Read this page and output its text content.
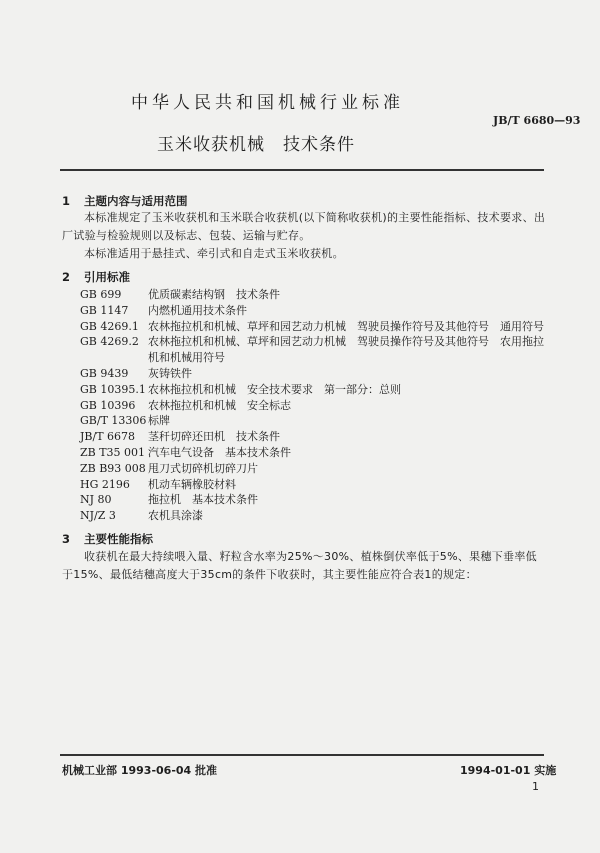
中华人民共和国机械行业标准
JB/T 6680—93
玉米收获机械　技术条件
1 主题内容与适用范围
本标准规定了玉米收获机和玉米联合收获机(以下简称收获机)的主要性能指标、技术要求、出厂试验与检验规则以及标志、包装、运输与贮存。
本标准适用于悬挂式、牵引式和自走式玉米收获机。
2 引用标准
GB 699 优质碳素结构钢　技术条件
GB 1147 内燃机通用技术条件
GB 4269.1 农林拖拉机和机械、草坪和园艺动力机械　驾驶员操作符号及其他符号　通用符号
GB 4269.2 农林拖拉机和机械、草坪和园艺动力机械　驾驶员操作符号及其他符号　农用拖拉机和机械用符号
GB 9439 灰铸铁件
GB 10395.1 农林拖拉机和机械　安全技术要求　第一部分：总则
GB 10396 农林拖拉机和机械　安全标志
GB/T 13306 标牌
JB/T 6678 茎秆切碎还田机　技术条件
ZB T35 001 汽车电气设备　基本技术条件
ZB B93 008 甩刀式切碎机切碎刀片
HG 2196 机动车辆橡胶材料
NJ 80	拖拉机　基本技术条件
NJ/Z 3	农机具涂漆
3 主要性能指标
收获机在最大持续喂入量、籽粒含水率为25%～30%、植株倒伏率低于5%、果穗下垂率低于15%、最低结穗高度大于35cm的条件下收获时，其主要性能应符合表1的规定：
机械工业部 1993-06-04 批准	1994-01-01 实施
1
